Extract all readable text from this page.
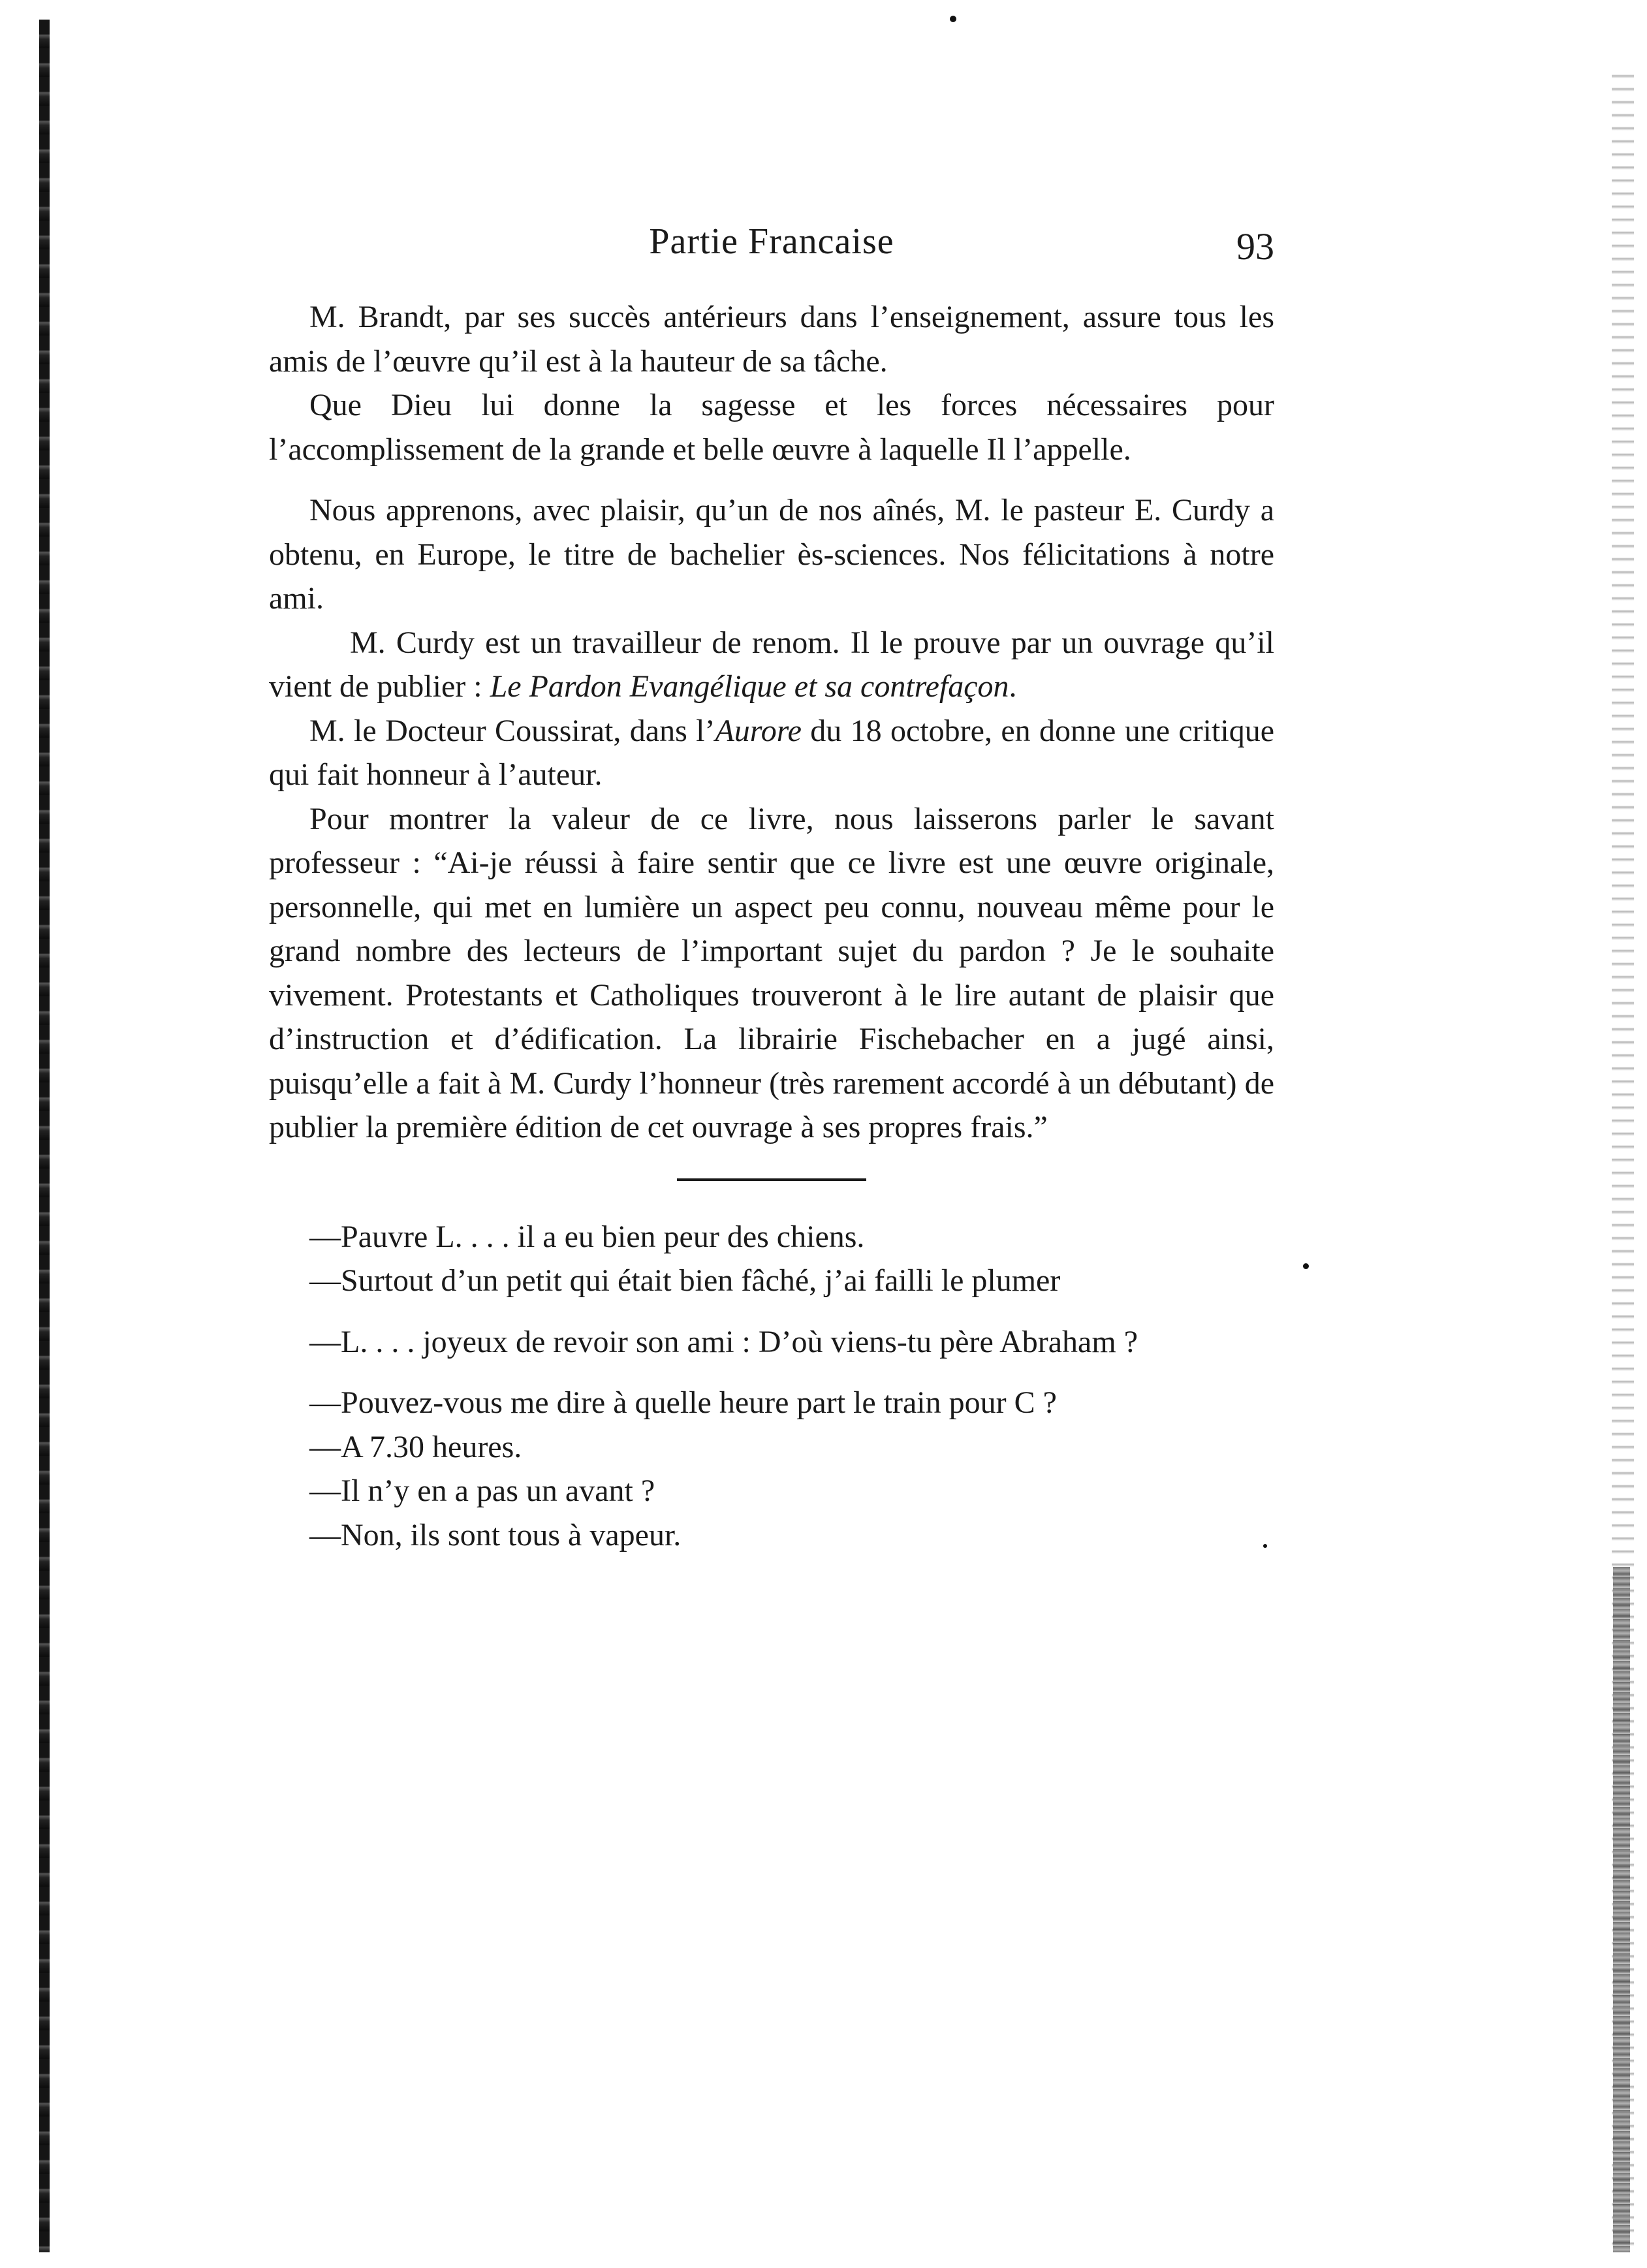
Partie Francaise	93

M. Brandt, par ses succès antérieurs dans l’enseignement, assure tous les amis de l’œuvre qu’il est à la hauteur de sa tâche.

Que Dieu lui donne la sagesse et les forces nécessaires pour l’accomplissement de la grande et belle œuvre à laquelle Il l’appelle.

Nous apprenons, avec plaisir, qu’un de nos aînés, M. le pasteur E. Curdy a obtenu, en Europe, le titre de bachelier ès-sciences. Nos félicitations à notre ami.

M. Curdy est un travailleur de renom. Il le prouve par un ouvrage qu’il vient de publier : Le Pardon Evangélique et sa contrefaçon.

M. le Docteur Coussirat, dans l’Aurore du 18 octobre, en donne une critique qui fait honneur à l’auteur.

Pour montrer la valeur de ce livre, nous laisserons parler le savant professeur : “Ai-je réussi à faire sentir que ce livre est une œuvre originale, personnelle, qui met en lumière un aspect peu connu, nouveau même pour le grand nombre des lecteurs de l’important sujet du pardon ? Je le souhaite vivement. Protestants et Catholiques trouveront à le lire autant de plaisir que d’instruction et d’édification. La librairie Fischebacher en a jugé ainsi, puisqu’elle a fait à M. Curdy l’honneur (très rarement accordé à un débutant) de publier la première édition de cet ouvrage à ses propres frais.”

—Pauvre L. . . . il a eu bien peur des chiens.

—Surtout d’un petit qui était bien fâché, j’ai failli le plumer

—L. . . . joyeux de revoir son ami : D’où viens-tu père Abraham ?

—Pouvez-vous me dire à quelle heure part le train pour C ?

—A 7.30 heures.

—Il n’y en a pas un avant ?

—Non, ils sont tous à vapeur.
